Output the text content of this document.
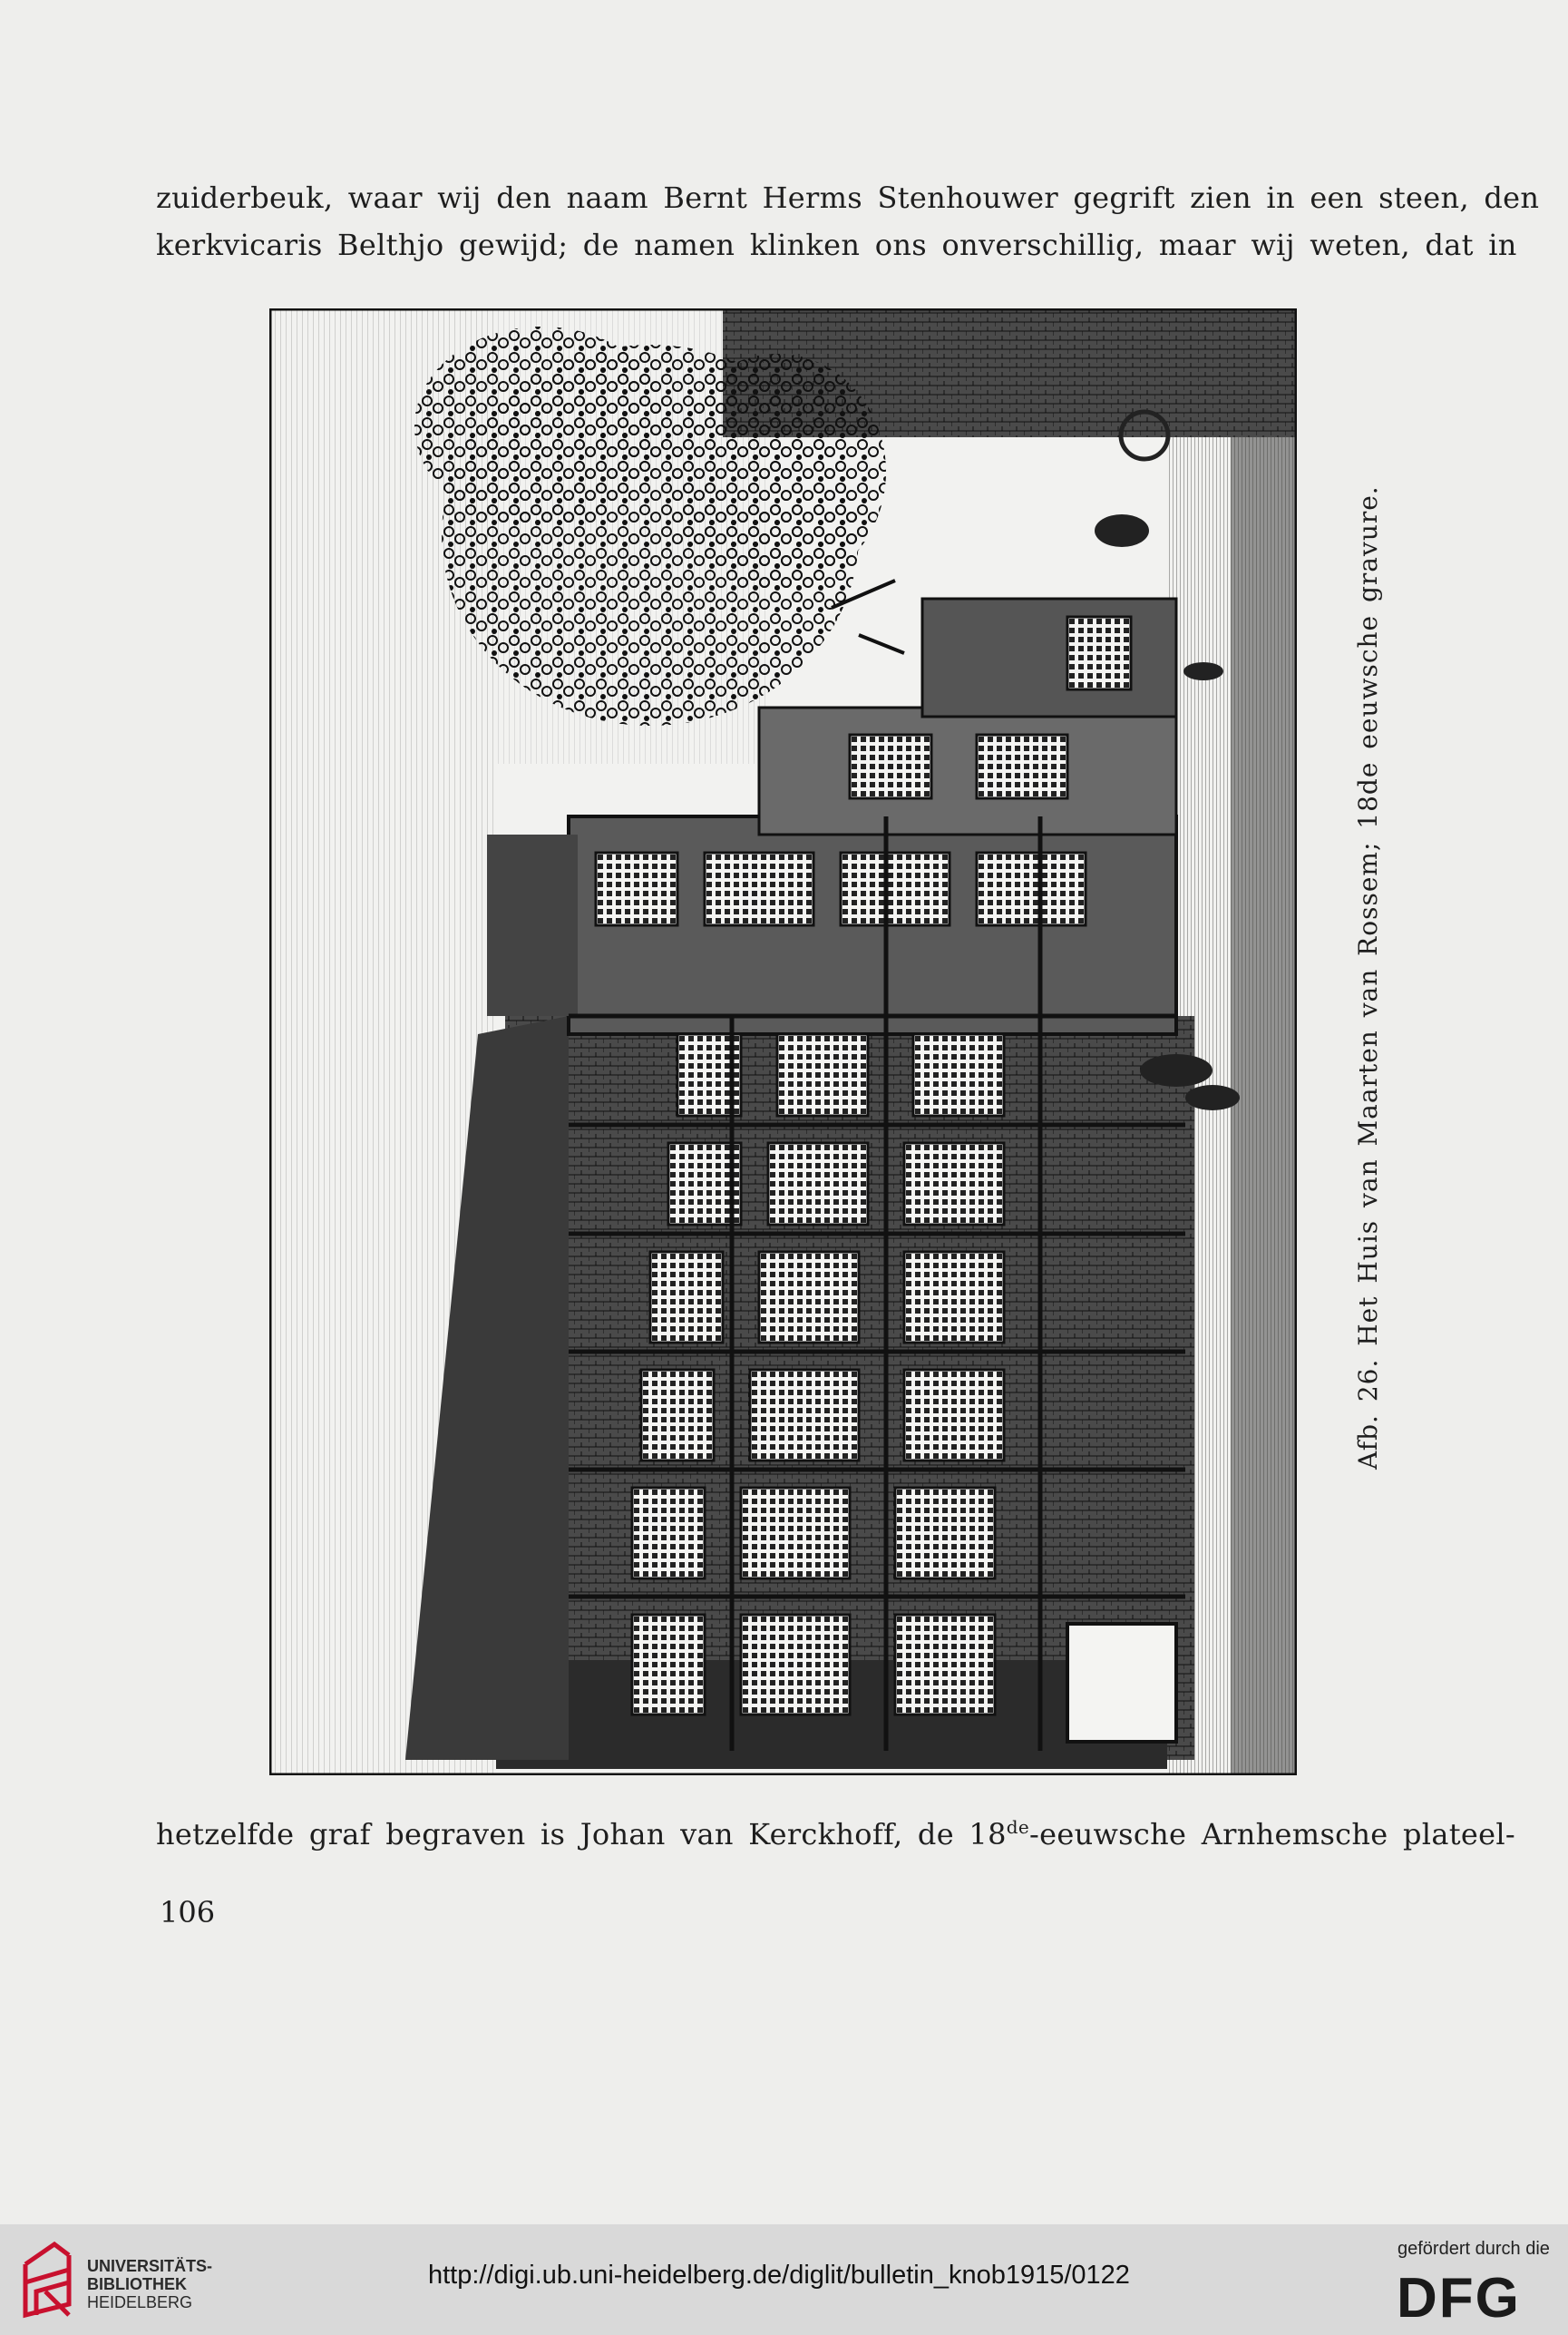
zuiderbeuk, waar wij den naam Bernt Herms Stenhouwer gegrift zien in een steen, den
kerkvicaris Belthjo gewijd; de namen klinken ons onverschillig, maar wij weten, dat in
Afb. 26. Het Huis van Maarten van Rossem; 18de eeuwsche gravure.
hetzelfde graf begraven is Johan van Kerckhoff, de 18de-eeuwsche Arnhemsche plateel-
106
UNIVERSITÄTS-
BIBLIOTHEK
HEIDELBERG
http://digi.ub.uni-heidelberg.de/diglit/bulletin_knob1915/0122
gefördert durch die
DFG
